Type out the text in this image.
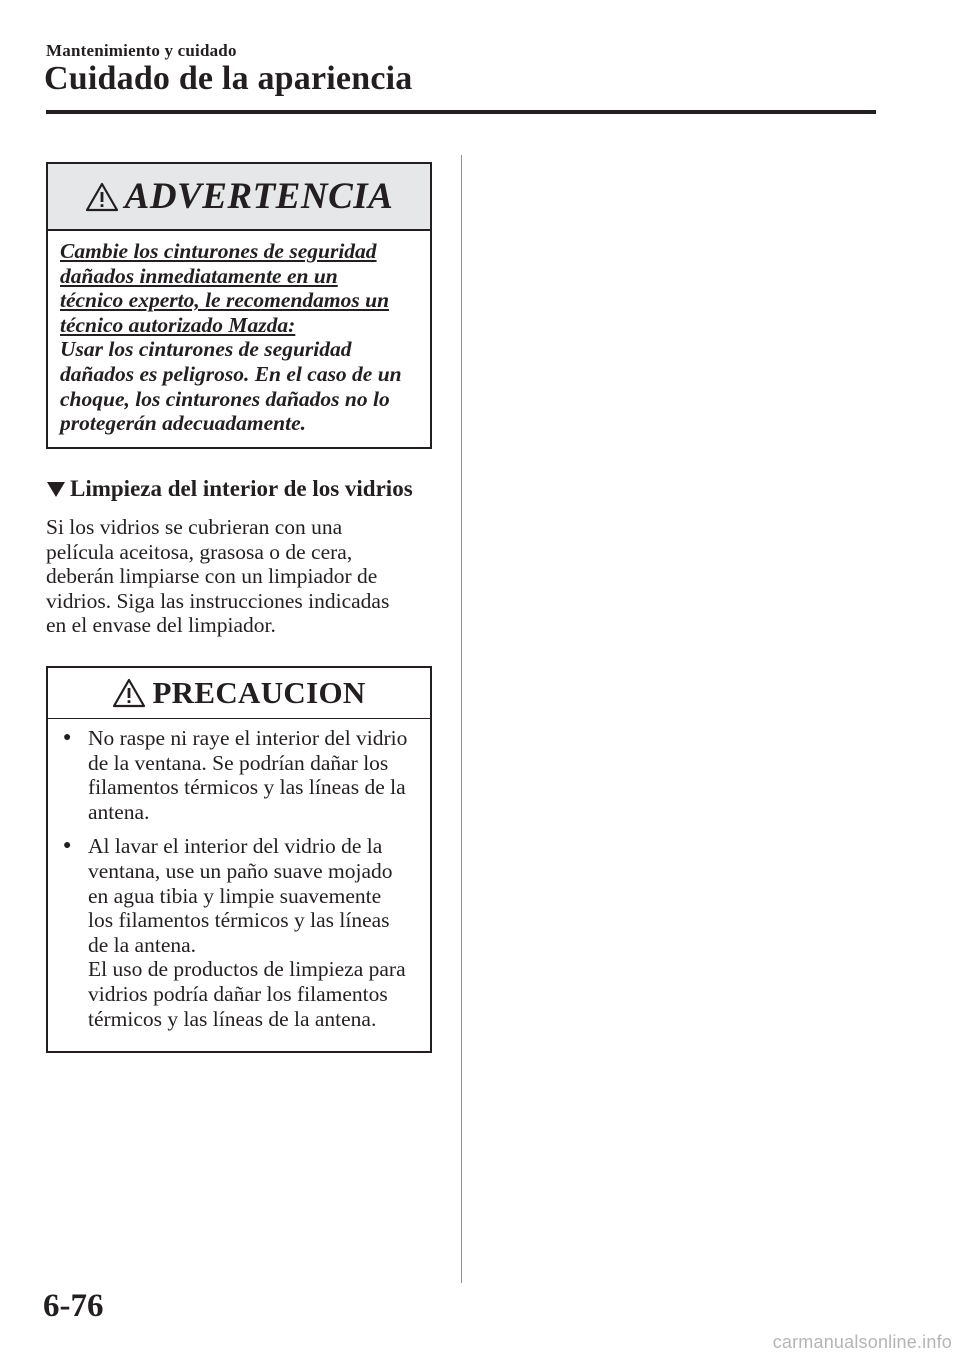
Mantenimiento y cuidado
Cuidado de la apariencia
ADVERTENCIA
Cambie los cinturones de seguridad
dañados inmediatamente en un
técnico experto, le recomendamos un
técnico autorizado Mazda:
Usar los cinturones de seguridad
dañados es peligroso. En el caso de un
choque, los cinturones dañados no lo
protegerán adecuadamente.
Limpieza del interior de los vidrios
Si los vidrios se cubrieran con una
película aceitosa, grasosa o de cera,
deberán limpiarse con un limpiador de
vidrios. Siga las instrucciones indicadas
en el envase del limpiador.
PRECAUCION
● No raspe ni raye el interior del vidrio
de la ventana. Se podrían dañar los
filamentos térmicos y las líneas de la
antena.
● Al lavar el interior del vidrio de la
ventana, use un paño suave mojado
en agua tibia y limpie suavemente
los filamentos térmicos y las líneas
de la antena.
El uso de productos de limpieza para
vidrios podría dañar los filamentos
térmicos y las líneas de la antena.
6-76
carmanualsonline.info
